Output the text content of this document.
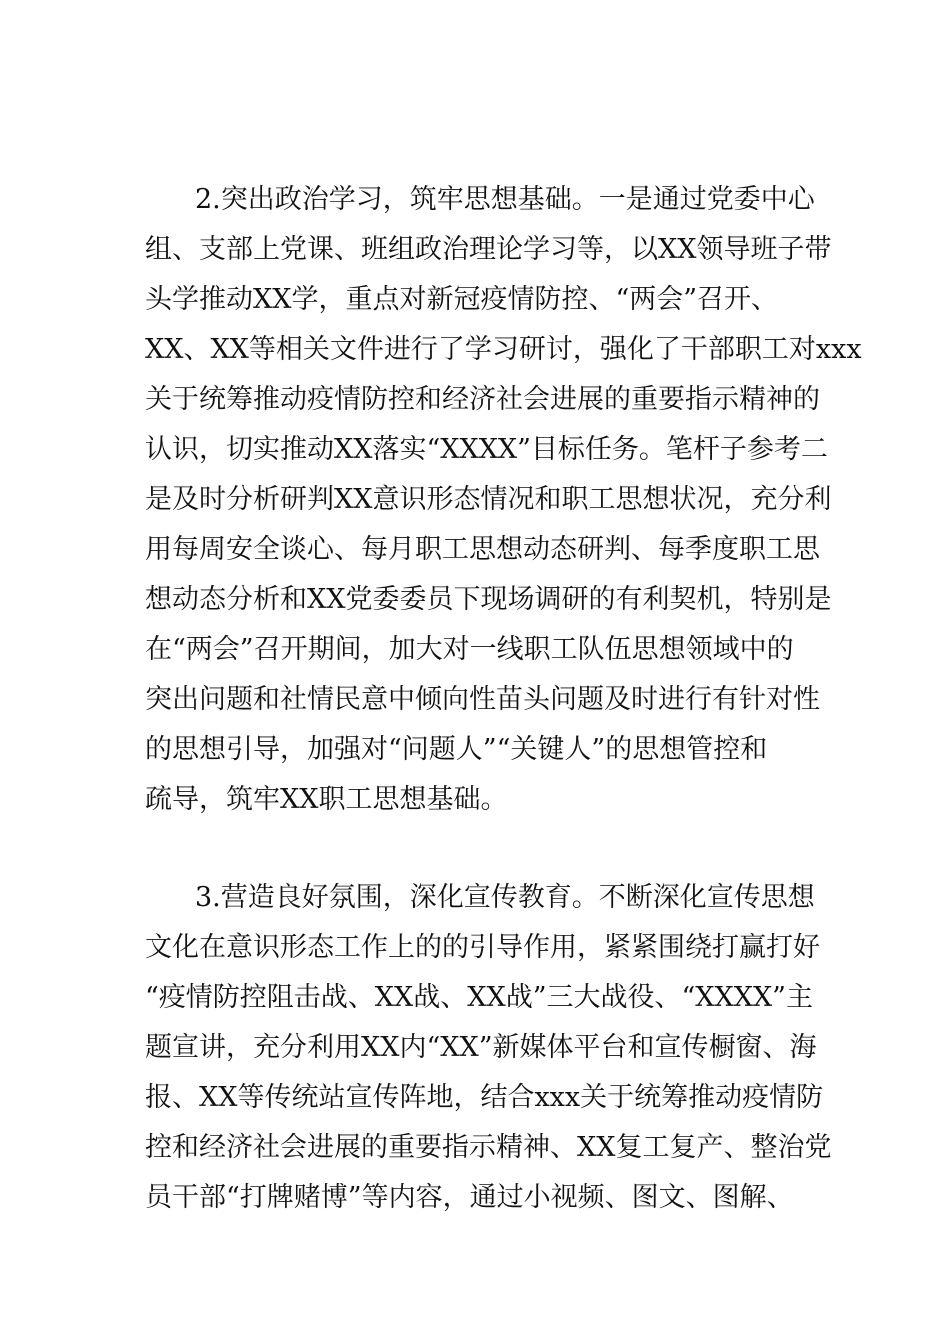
2.突出政治学习，筑牢思想基础。一是通过党委中心

组、支部上党课、班组政治理论学习等，以XX领导班子带

头学推动XX学，重点对新冠疫情防控、“两会”召开、

XX、XX等相关文件进行了学习研讨，强化了干部职工对xxx

关于统筹推动疫情防控和经济社会进展的重要指示精神的

认识，切实推动XX落实“XXXX”目标任务。笔杆子参考二

是及时分析研判XX意识形态情况和职工思想状况，充分利

用每周安全谈心、每月职工思想动态研判、每季度职工思

想动态分析和XX党委委员下现场调研的有利契机，特别是

在“两会”召开期间，加大对一线职工队伍思想领域中的

突出问题和社情民意中倾向性苗头问题及时进行有针对性

的思想引导，加强对“问题人”“关键人”的思想管控和

疏导，筑牢XX职工思想基础。

3.营造良好氛围，深化宣传教育。不断深化宣传思想

文化在意识形态工作上的的引导作用，紧紧围绕打赢打好

“疫情防控阻击战、XX战、XX战”三大战役、“XXXX”主

题宣讲，充分利用XX内“XX”新媒体平台和宣传橱窗、海

报、XX等传统站宣传阵地，结合xxx关于统筹推动疫情防

控和经济社会进展的重要指示精神、XX复工复产、整治党

员干部“打牌赌博”等内容，通过小视频、图文、图解、
